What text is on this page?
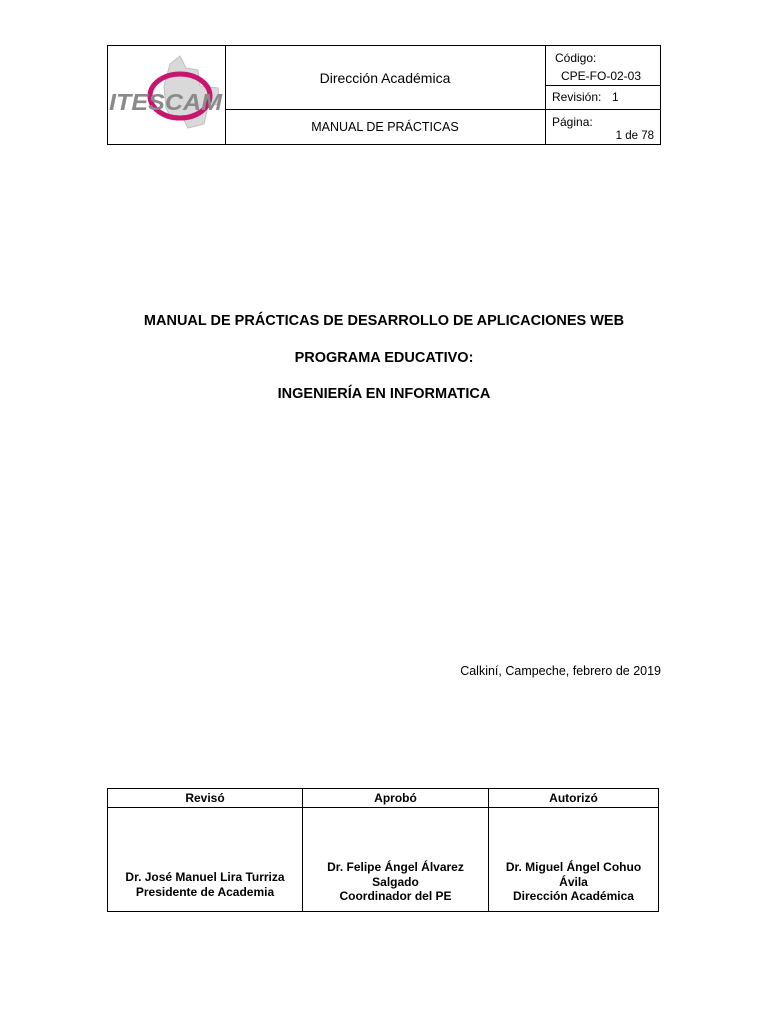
ITESCAM
Dirección Académica
MANUAL DE PRÁCTICAS
Código:
CPE-FO-02-03
Revisión: 1
Página:
1 de 78
MANUAL DE PRÁCTICAS DE DESARROLLO DE APLICACIONES WEB
PROGRAMA EDUCATIVO:
INGENIERÍA EN INFORMATICA
Calkiní, Campeche, febrero de 2019
Revisó
Dr. José Manuel Lira Turriza
Presidente de Academia
Aprobó
Dr. Felipe Ángel Álvarez
Salgado
Coordinador del PE
Autorizó
Dr. Miguel Ángel Cohuo
Ávila
Dirección Académica
